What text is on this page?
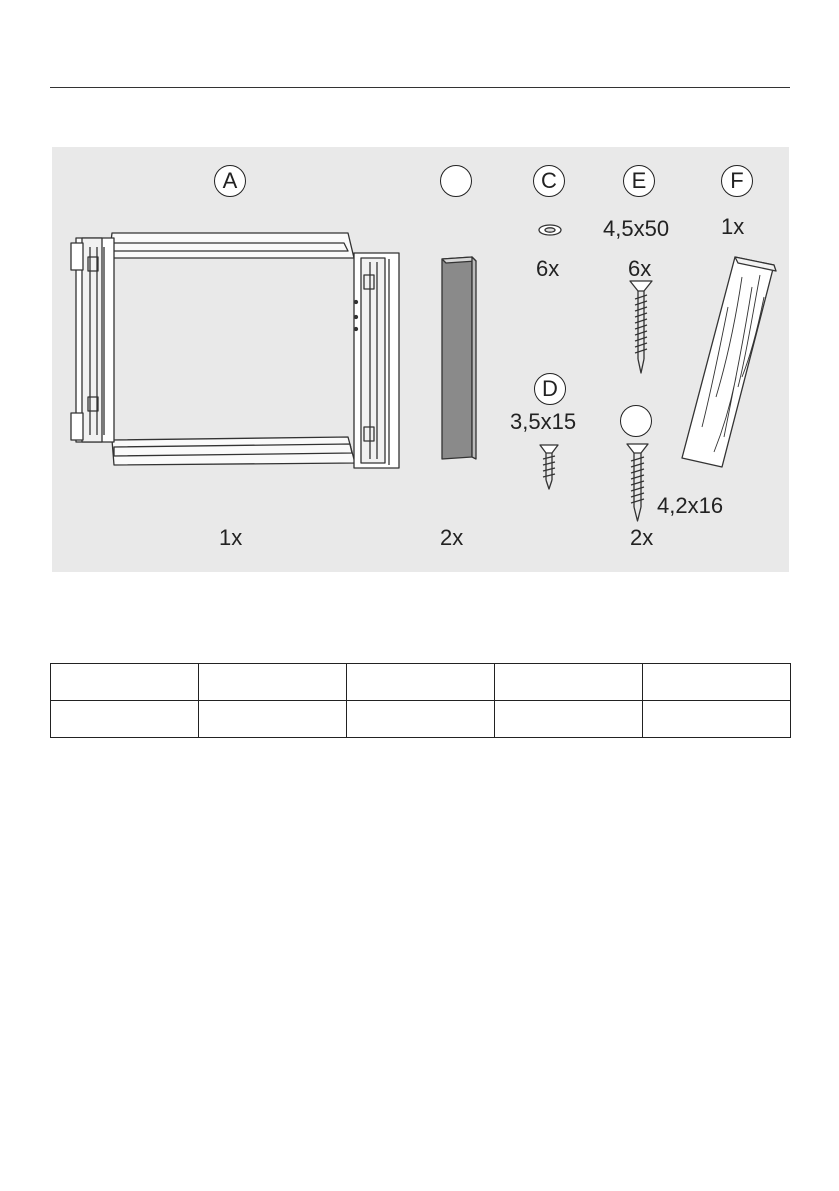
A	C	E	F
D
4,5x50 1x
6x	6x
3,5x15
4,2x16
1x	2x	2x
